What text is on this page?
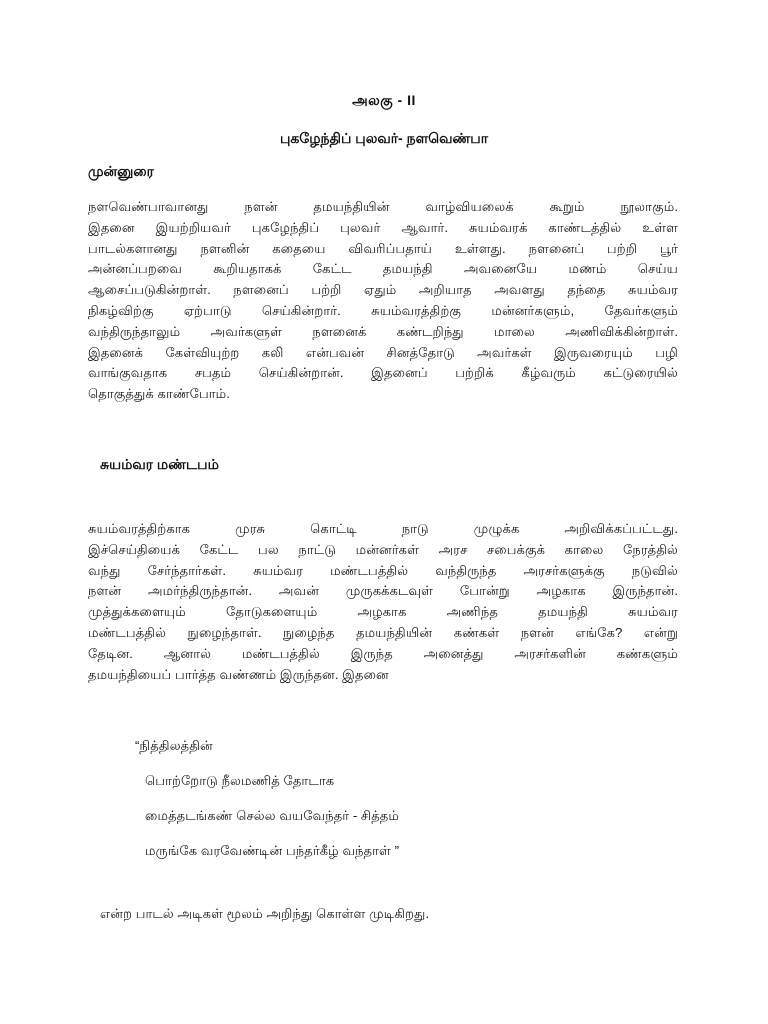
அலகு - II
புகழேந்திப் புலவர்- நளவெண்பா
முன்னுரை
நளவெண்பாவானது நளன் தமயந்தியின் வாழ்வியலைக் கூறும் நூலாகும்.
இதனை இயற்றியவர் புகழேந்திப் புலவர் ஆவார். சுயம்வரக் காண்டத்தில் உள்ள
பாடல்களானது நளனின் கதையை விவரிப்பதாய் உள்ளது. நளனைப் பற்றி பூர்
அன்னப்பறவை கூறியதாகக் கேட்ட தமயந்தி அவனையே மணம் செய்ய
ஆசைப்படுகின்றாள். நளனைப் பற்றி ஏதும் அறியாத அவளது தந்தை சுயம்வர
நிகழ்விற்கு ஏற்பாடு செய்கின்றார். சுயம்வரத்திற்கு மன்னர்களும், தேவர்களும்
வந்திருந்தாலும் அவர்களுள் நளனைக் கண்டறிந்து மாலை அணிவிக்கின்றாள்.
இதனைக் கேள்வியுற்ற கலி என்பவன் சினத்தோடு அவர்கள் இருவரையும் பழி
வாங்குவதாக சபதம் செய்கின்றான். இதனைப் பற்றிக் கீழ்வரும் கட்டுரையில்
தொகுத்துக் காண்போம்.
சுயம்வர மண்டபம்
சுயம்வரத்திற்காக முரசு கொட்டி நாடு முழுக்க அறிவிக்கப்பட்டது.
இச்செய்தியைக் கேட்ட பல நாட்டு மன்னர்கள் அரச சபைக்குக் காலை நேரத்தில்
வந்து சேர்ந்தார்கள். சுயம்வர மண்டபத்தில் வந்திருந்த அரசர்களுக்கு நடுவில்
நளன் அமர்ந்திருந்தான். அவன் முருகக்கடவுள் போன்று அழகாக இருந்தான்.
முத்துக்களையும் தோடுகளையும் அழகாக அணிந்த தமயந்தி சுயம்வர
மண்டபத்தில் நுழைந்தாள். நுழைந்த தமயந்தியின் கண்கள் நளன் எங்கே? என்று
தேடின. ஆனால் மண்டபத்தில் இருந்த அனைத்து அரசர்களின் கண்களும்
தமயந்தியைப் பார்த்த வண்ணம் இருந்தன. இதனை
“நித்திலத்தின்
பொற்றோடு நீலமணித் தோடாக
மைத்தடங்கண் செல்ல வயவேந்தர் - சித்தம்
மருங்கே வரவேண்டின் பந்தர்கீழ் வந்தாள் ”
என்ற பாடல் அடிகள் மூலம் அறிந்து கொள்ள முடிகிறது.
